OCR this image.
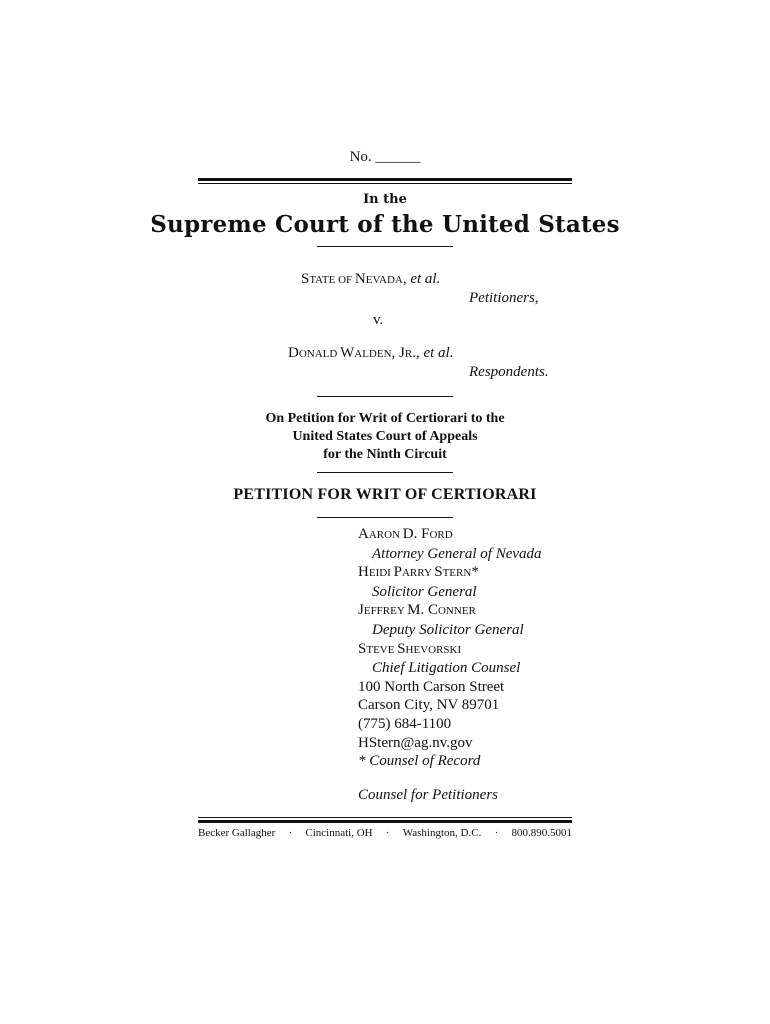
No. ______
In the
Supreme Court of the United States
STATE OF NEVADA, et al.
Petitioners,
v.
DONALD WALDEN, JR., et al.
Respondents.
On Petition for Writ of Certiorari to the
United States Court of Appeals
for the Ninth Circuit
PETITION FOR WRIT OF CERTIORARI
AARON D. FORD
Attorney General of Nevada
HEIDI PARRY STERN*
Solicitor General
JEFFREY M. CONNER
Deputy Solicitor General
STEVE SHEVORSKI
Chief Litigation Counsel
100 North Carson Street
Carson City, NV 89701
(775) 684-1100
HStern@ag.nv.gov
* Counsel of Record
Counsel for Petitioners
Becker Gallagher · Cincinnati, OH · Washington, D.C. · 800.890.5001
